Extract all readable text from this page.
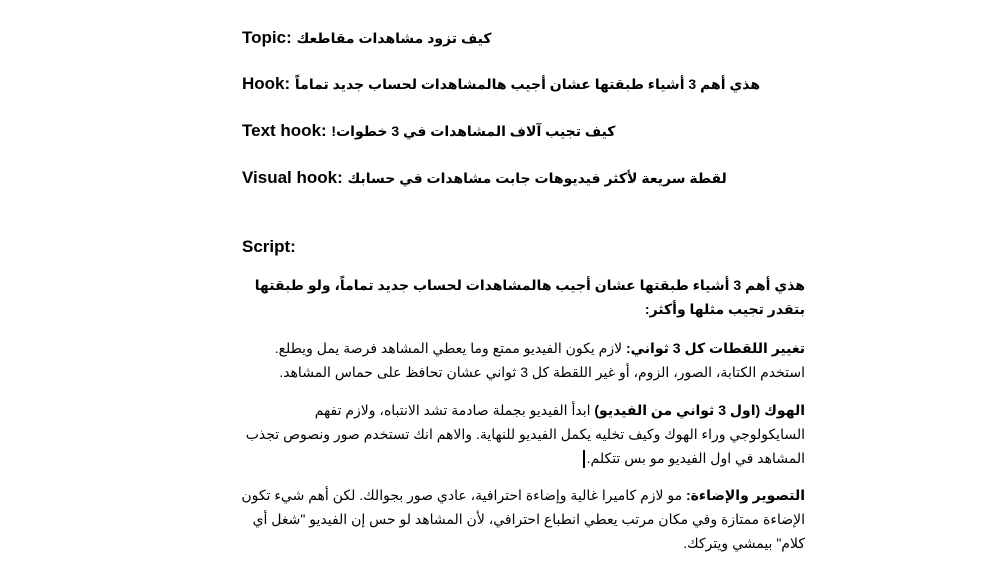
Topic: كيف تزود مشاهدات مقاطعك
Hook: هذي أهم 3 أشياء طبقتها عشان أجيب هالمشاهدات لحساب جديد تماماً
Text hook: كيف تجيب آلاف المشاهدات في 3 خطوات!
Visual hook: لقطة سريعة لأكثر فيديوهات جابت مشاهدات في حسابك
Script:
هذي أهم 3 أشياء طبقتها عشان أجيب هالمشاهدات لحساب جديد تماماً، ولو طبقتها بتقدر تجيب مثلها وأكثر:
تغيير اللقطات كل 3 ثواني: لازم يكون الفيديو ممتع وما يعطي المشاهد فرصة يمل ويطلع. استخدم الكتابة، الصور، الزوم، أو غير اللقطة كل 3 ثواني عشان تحافظ على حماس المشاهد.
الهوك (اول 3 ثواني من الفيديو) ابدأ الفيديو بجملة صادمة تشد الانتباه، ولازم تفهم السايكولوجي وراء الهوك وكيف تخليه يكمل الفيديو للنهاية. والاهم انك تستخدم صور ونصوص تجذب المشاهد في اول الفيديو مو بس تتكلم.
التصوير والإضاءة: مو لازم كاميرا غالية وإضاءة احترافية، عادي صور بجوالك. لكن أهم شيء تكون الإضاءة ممتازة وفي مكان مرتب يعطي انطباع احترافي، لأن المشاهد لو حس إن الفيديو "شغل أي كلام" بيمشي ويتركك.
